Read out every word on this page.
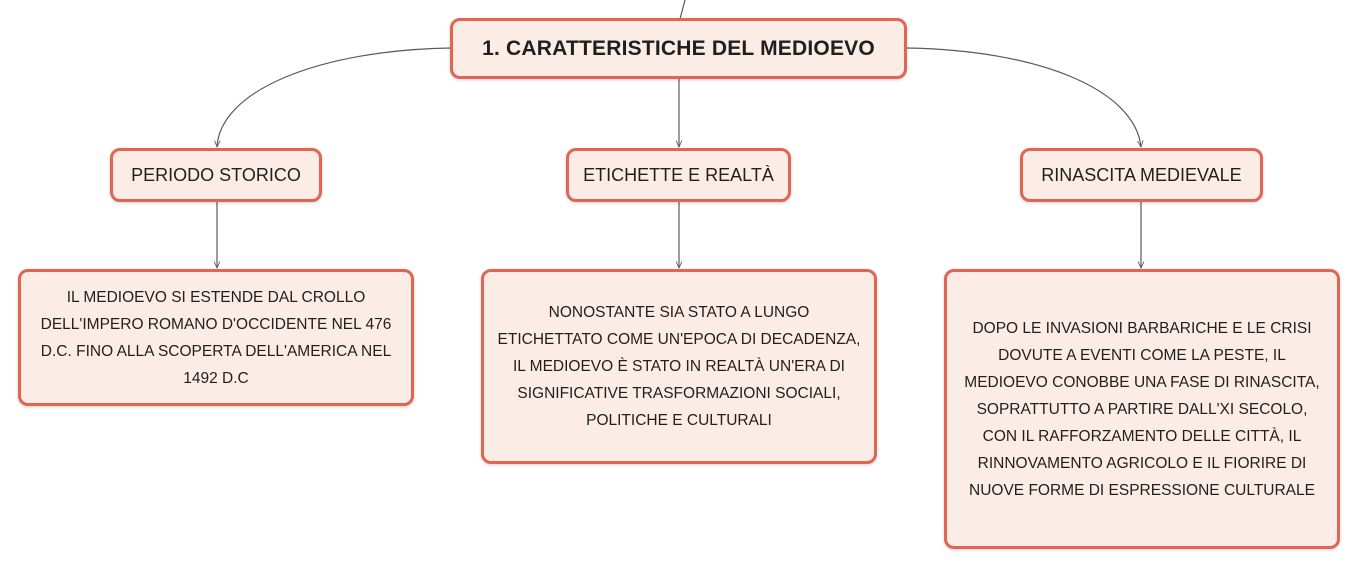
1. CARATTERISTICHE DEL MEDIOEVO
PERIODO STORICO	ETICHETTE E REALTÀ	RINASCITA MEDIEVALE
IL MEDIOEVO SI ESTENDE DAL CROLLO DELL'IMPERO ROMANO D'OCCIDENTE NEL 476 D.C. FINO ALLA SCOPERTA DELL'AMERICA NEL 1492 D.C
NONOSTANTE SIA STATO A LUNGO ETICHETTATO COME UN'EPOCA DI DECADENZA, IL MEDIOEVO È STATO IN REALTÀ UN'ERA DI SIGNIFICATIVE TRASFORMAZIONI SOCIALI, POLITICHE E CULTURALI
DOPO LE INVASIONI BARBARICHE E LE CRISI DOVUTE A EVENTI COME LA PESTE, IL MEDIOEVO CONOBBE UNA FASE DI RINASCITA, SOPRATTUTTO A PARTIRE DALL'XI SECOLO, CON IL RAFFORZAMENTO DELLE CITTÀ, IL RINNOVAMENTO AGRICOLO E IL FIORIRE DI NUOVE FORME DI ESPRESSIONE CULTURALE
